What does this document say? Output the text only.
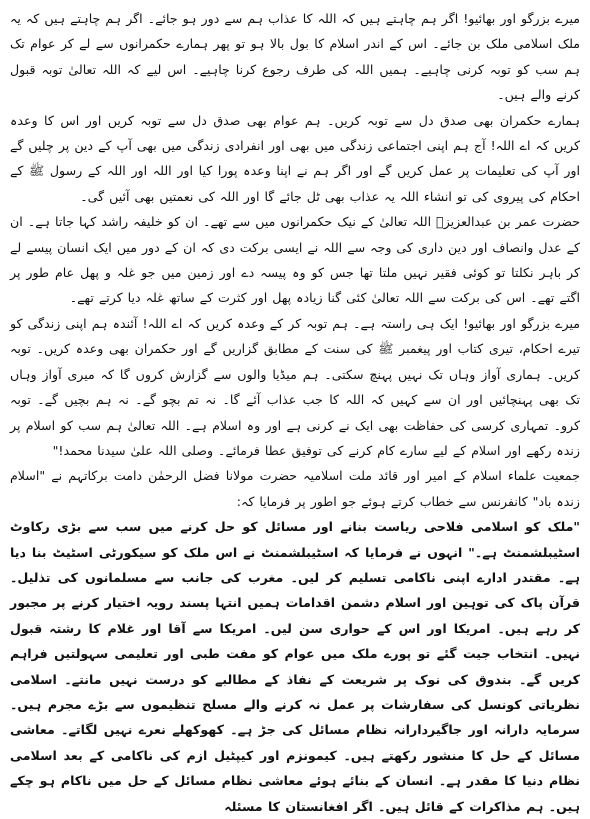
میرے بزرگو اور بھائیو! اگر ہم چاہتے ہیں کہ اللہ کا عذاب ہم سے دور ہو جائے۔ اگر ہم چاہتے ہیں کہ یہ ملک اسلامی ملک بن جائے۔ اس کے اندر اسلام کا بول بالا ہو تو پھر ہمارے حکمرانوں سے لے کر عوام تک ہم سب کو توبہ کرنی چاہیے۔ ہمیں اللہ کی طرف رجوع کرنا چاہیے۔ اس لیے کہ اللہ تعالیٰ توبہ قبول کرنے والے ہیں۔

ہمارے حکمران بھی صدق دل سے توبہ کریں۔ ہم عوام بھی صدق دل سے توبہ کریں اور اس کا وعدہ کریں کہ اے اللہ! آج ہم اپنی اجتماعی زندگی میں بھی اور انفرادی زندگی میں بھی آپ کے دین پر چلیں گے اور آپ کی تعلیمات پر عمل کریں گے اور اگر ہم نے اپنا وعدہ پورا کیا اور اللہ اور اللہ کے رسول ﷺ کے احکام کی پیروی کی تو انشاء اللہ یہ عذاب بھی ٹل جائے گا اور اللہ کی نعمتیں بھی آئیں گی۔

حضرت عمر بن عبدالعزیزؒ اللہ تعالیٰ کے نیک حکمرانوں میں سے تھے۔ ان کو خلیفہ راشد کہا جاتا ہے۔ ان کے عدل وانصاف اور دین داری کی وجہ سے اللہ نے ایسی برکت دی کہ ان کے دور میں ایک انسان پیسے لے کر باہر نکلتا تو کوئی فقیر نہیں ملتا تھا جس کو وہ پیسہ دے اور زمین میں جو غلہ و پھل عام طور پر اگتے تھے۔ اس کی برکت سے اللہ تعالیٰ کئی گنا زیادہ پھل اور کثرت کے ساتھ غلہ دیا کرتے تھے۔

میرے بزرگو اور بھائیو! ایک ہی راستہ ہے۔ ہم توبہ کر کے وعدہ کریں کہ اے اللہ! آئندہ ہم اپنی زندگی کو تیرے احکام، تیری کتاب اور پیغمبر ﷺ کی سنت کے مطابق گزاریں گے اور حکمران بھی وعدہ کریں۔ توبہ کریں۔ ہماری آواز وہاں تک نہیں پہنچ سکتی۔ ہم میڈیا والوں سے گزارش کروں گا کہ میری آواز وہاں تک بھی پہنچائیں اور ان سے کہیں کہ اللہ کا جب عذاب آئے گا۔ نہ تم بچو گے۔ نہ ہم بچیں گے۔ توبہ کرو۔ تمہاری کرسی کی حفاظت بھی ایک نے کرنی ہے اور وہ اسلام ہے۔ اللہ تعالیٰ ہم سب کو اسلام پر زندہ رکھے اور اسلام کے لیے سارے کام کرنے کی توفیق عطا فرمائے۔ وصلی اللہ علیٰ سیدنا محمد!"

جمعیت علماء اسلام کے امیر اور قائد ملت اسلامیہ حضرت مولانا فضل الرحمٰن دامت برکاتہم نے "اسلام زندہ باد" کانفرنس سے خطاب کرتے ہوئے جو اطور پر فرمایا کہ:

"ملک کو اسلامی فلاحی ریاست بنانے اور مسائل کو حل کرنے میں سب سے بڑی رکاوٹ اسٹیبلشمنٹ ہے۔" انہوں نے فرمایا کہ اسٹیبلشمنٹ نے اس ملک کو سیکورٹی اسٹیٹ بنا دیا ہے۔ مقتدر ادارے اپنی ناکامی تسلیم کر لیں۔ مغرب کی جانب سے مسلمانوں کی تذلیل۔ قرآن پاک کی توہین اور اسلام دشمن اقدامات ہمیں انتہا پسند رویہ اختیار کرنے پر مجبور کر رہے ہیں۔ امریکا اور اس کے حواری سن لیں۔ امریکا سے آقا اور غلام کا رشتہ قبول نہیں۔ انتخاب جیت گئے تو پورے ملک میں عوام کو مفت طبی اور تعلیمی سہولتیں فراہم کریں گے۔ بندوق کی نوک پر شریعت کے نفاذ کے مطالبے کو درست نہیں مانتے۔ اسلامی نظریاتی کونسل کی سفارشات پر عمل نہ کرنے والے مسلح تنظیموں سے بڑے مجرم ہیں۔ سرمایہ دارانہ اور جاگیردارانہ نظام مسائل کی جڑ ہے۔ کھوکھلے نعرے نہیں لگاتے۔ معاشی مسائل کے حل کا منشور رکھتے ہیں۔ کیمونزم اور کیپٹیل ازم کی ناکامی کے بعد اسلامی نظام دنیا کا مقدر ہے۔ انسان کے بنائے ہوئے معاشی نظام مسائل کے حل میں ناکام ہو چکے ہیں۔ ہم مذاکرات کے قائل ہیں۔ اگر افغانستان کا مسئلہ
